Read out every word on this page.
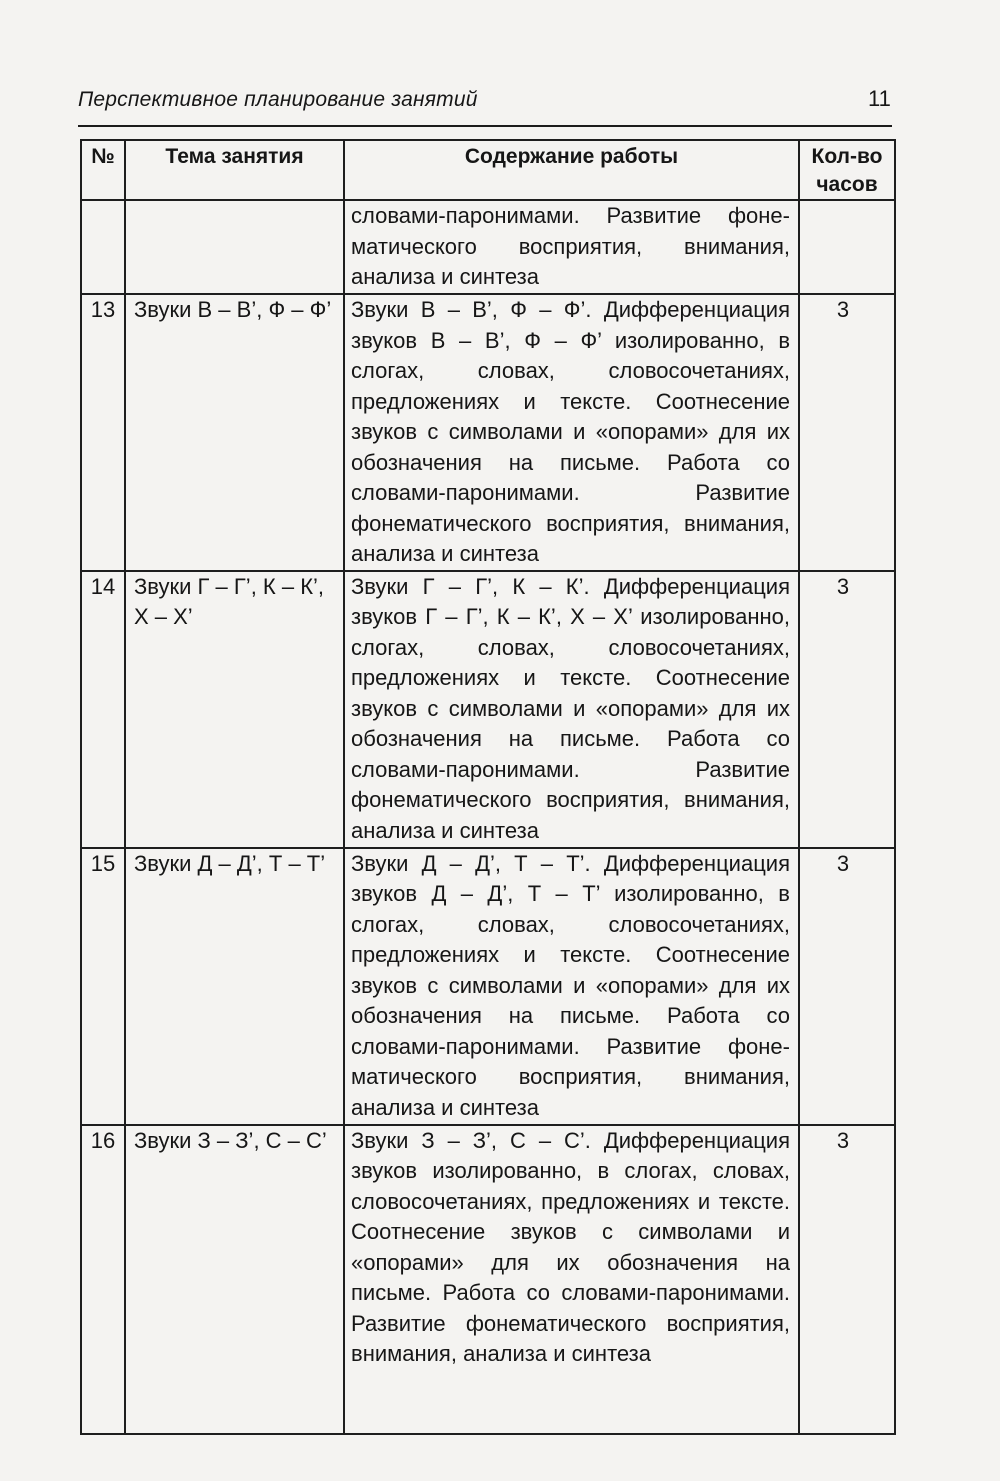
Перспективное планирование занятий	11
№	Тема занятия	Содержание работы	Кол-во
часов

		словами-паронимами. Развитие фонематического восприятия, внимания, анализа и синтеза	
13	Звуки В – В’, Ф – Ф’	Звуки В – В’, Ф – Ф’. Дифференциация звуков В – В’, Ф – Ф’ изолированно, в слогах, словах, словосочетаниях, предложениях и тексте. Соотнесение звуков с символами и «опорами» для их обозначения на письме. Работа со словами-паронимами. Развитие фонематического восприятия, внимания, анализа и синтеза	3
14	Звуки Г – Г’, К – К’, Х – Х’	Звуки Г – Г’, К – К’. Дифференциация звуков Г – Г’, К – К’, Х – Х’ изолированно, слогах, словах, словосочетаниях, предложениях и тексте. Соотнесение звуков с символами и «опорами» для их обозначения на письме. Работа со словами-паронимами. Развитие фонематического восприятия, внимания, анализа и синтеза	3
15	Звуки Д – Д’, Т – Т’	Звуки Д – Д’, Т – Т’. Дифференциация звуков Д – Д’, Т – Т’ изолированно, в слогах, словах, словосочетаниях, предложениях и тексте. Соотнесение звуков с символами и «опорами» для их обозначения на письме. Работа со словами-паронимами. Развитие фонематического восприятия, внимания, анализа и синтеза	3
16	Звуки З – З’, С – С’	Звуки З – З’, С – С’. Дифференциация звуков изолированно, в слогах, словах, словосочетаниях, предложениях и тексте. Соотнесение звуков с символами и «опорами» для их обозначения на письме. Работа со словами-паронимами. Развитие фонематического восприятия, внимания, анализа и синтеза	3
